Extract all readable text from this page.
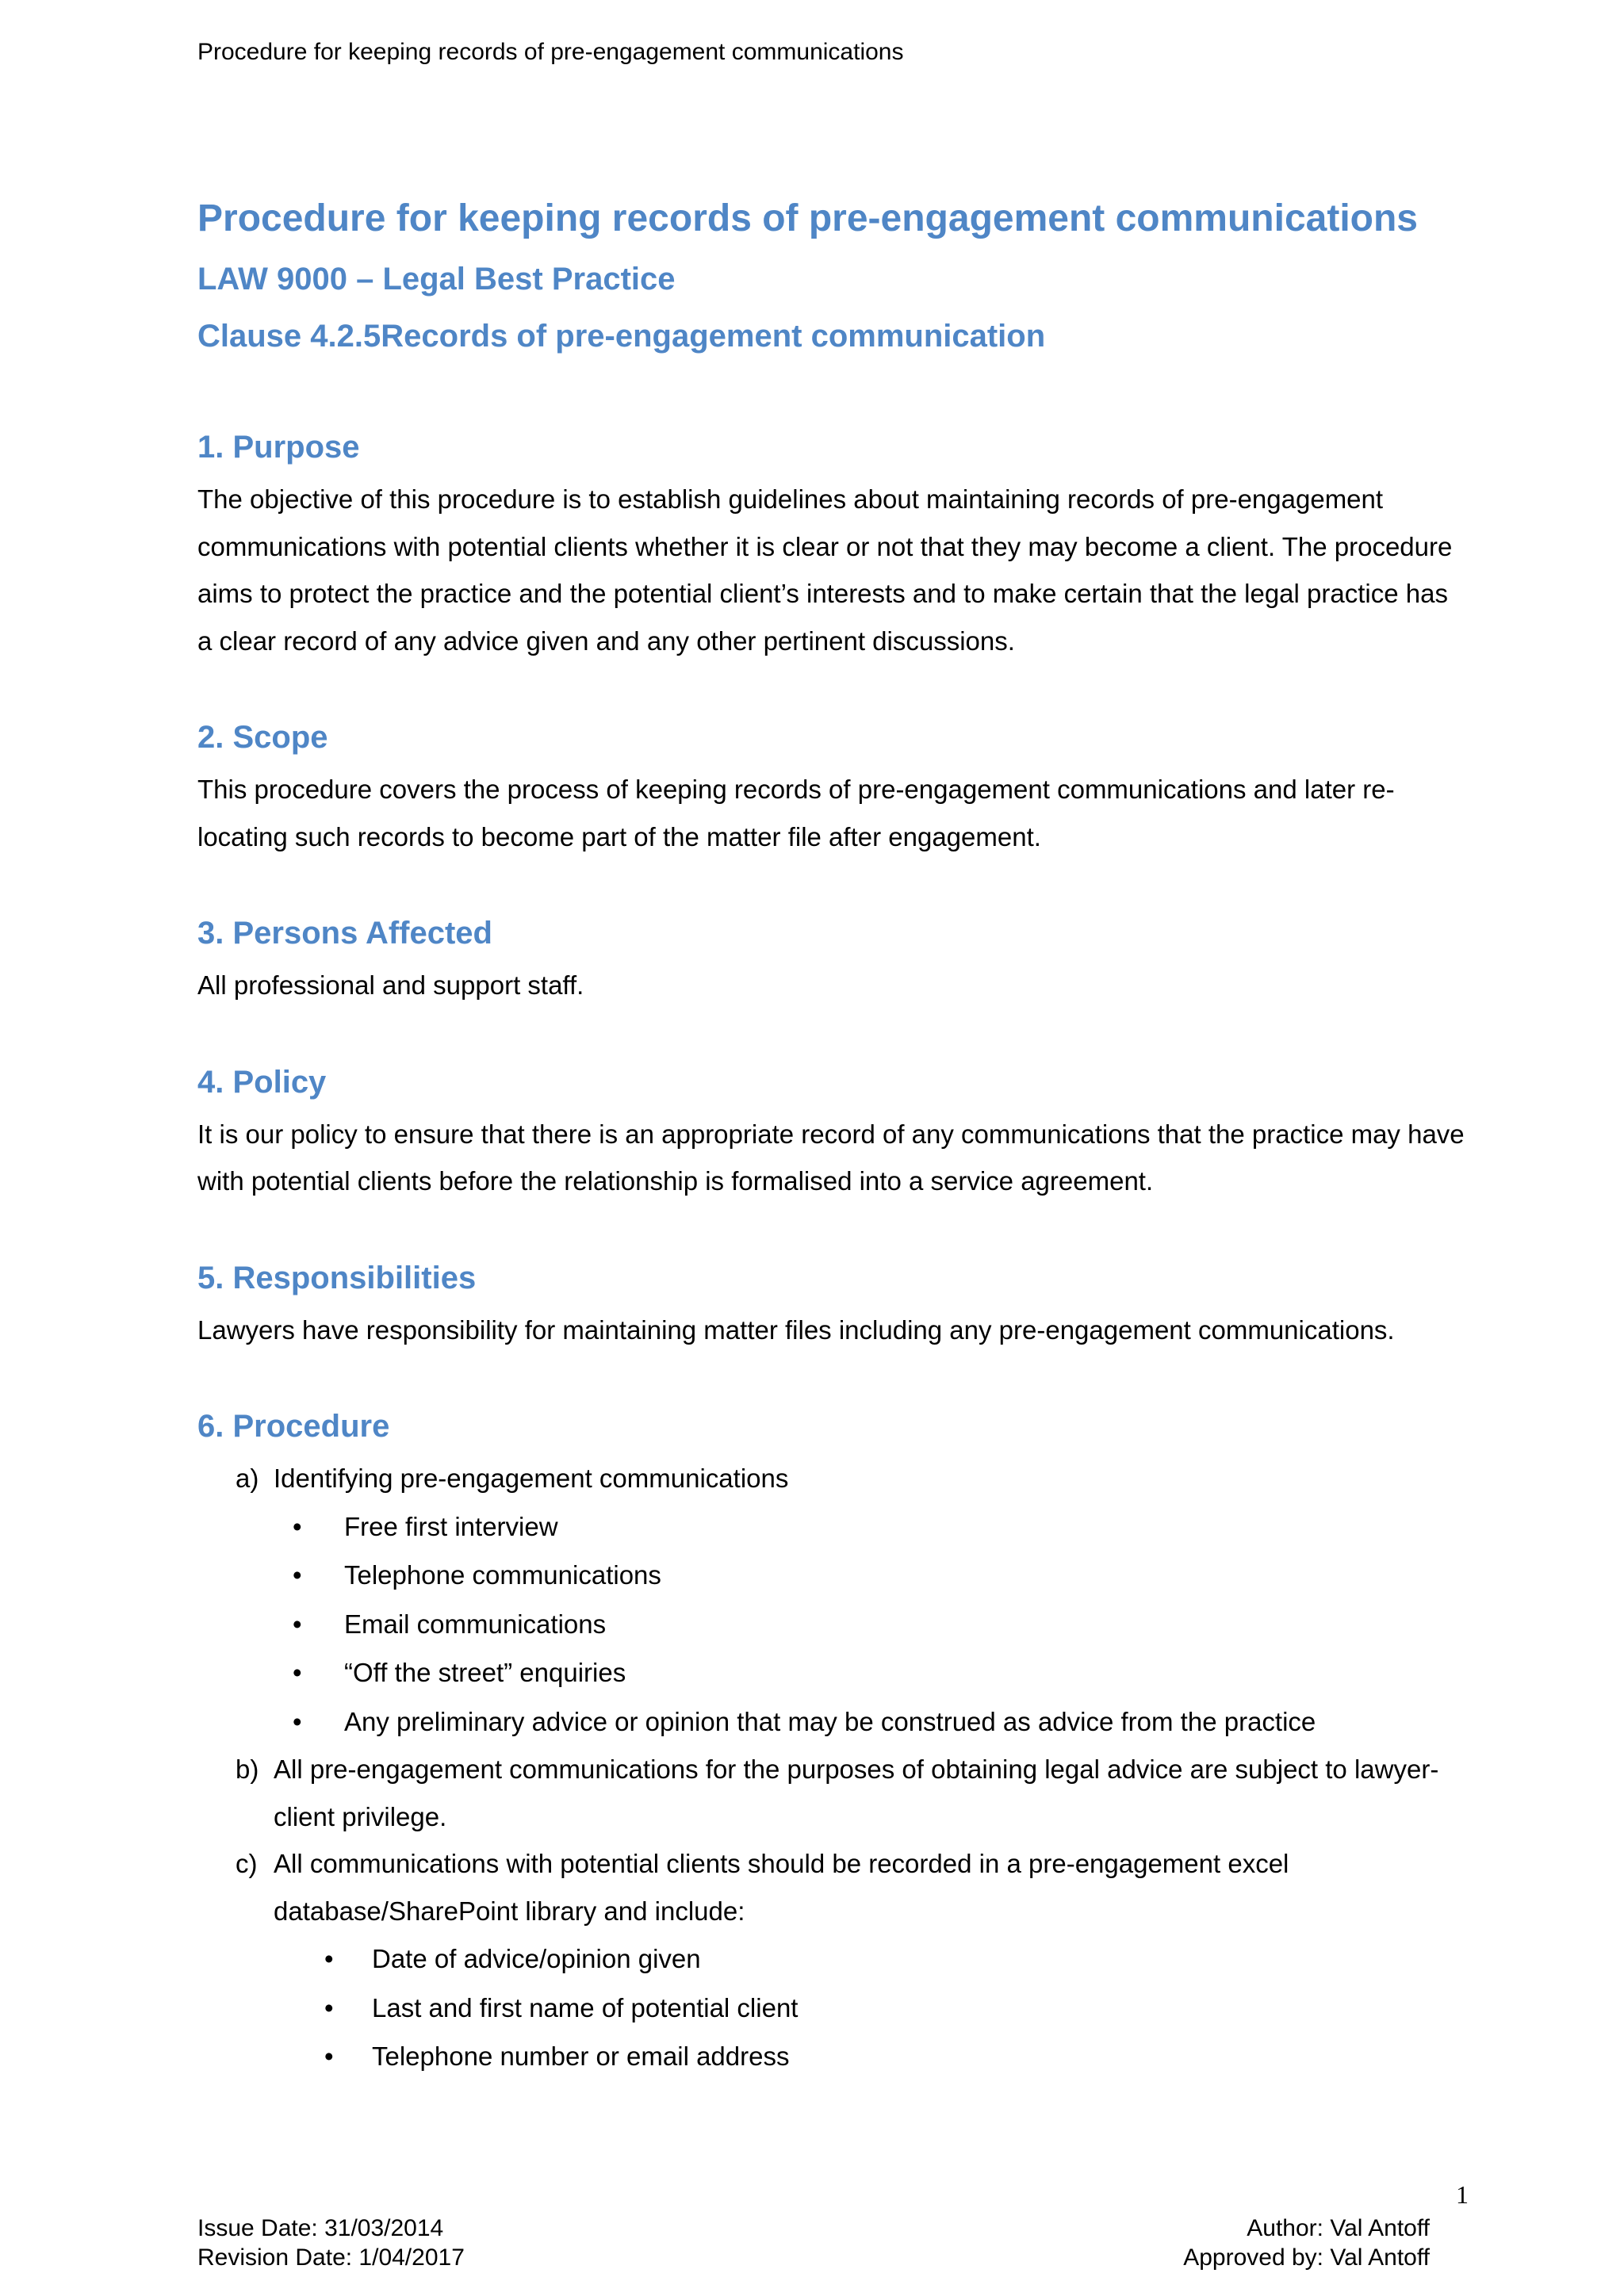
Procedure for keeping records of pre-engagement communications
Procedure for keeping records of pre-engagement communications
LAW 9000 – Legal Best Practice
Clause 4.2.5Records of pre-engagement communication
1. Purpose

The objective of this procedure is to establish guidelines about maintaining records of pre-engagement communications with potential clients whether it is clear or not that they may become a client. The procedure aims to protect the practice and the potential client’s interests and to make certain that the legal practice has a clear record of any advice given and any other pertinent discussions.

2. Scope

This procedure covers the process of keeping records of pre-engagement communications and later re-locating such records to become part of the matter file after engagement.

3. Persons Affected

All professional and support staff.

4. Policy

It is our policy to ensure that there is an appropriate record of any communications that the practice may have with potential clients before the relationship is formalised into a service agreement.

5. Responsibilities

Lawyers have responsibility for maintaining matter files including any pre-engagement communications.

6. Procedure
a) Identifying pre-engagement communications
• Free first interview
• Telephone communications
• Email communications
• “Off the street” enquiries
• Any preliminary advice or opinion that may be construed as advice from the practice
b) All pre-engagement communications for the purposes of obtaining legal advice are subject to lawyer-client privilege.
c) All communications with potential clients should be recorded in a pre-engagement excel database/SharePoint library and include:
• Date of advice/opinion given
• Last and first name of potential client
• Telephone number or email address
1
Issue Date: 31/03/2014
Revision Date: 1/04/2017
Author: Val Antoff
Approved by: Val Antoff
